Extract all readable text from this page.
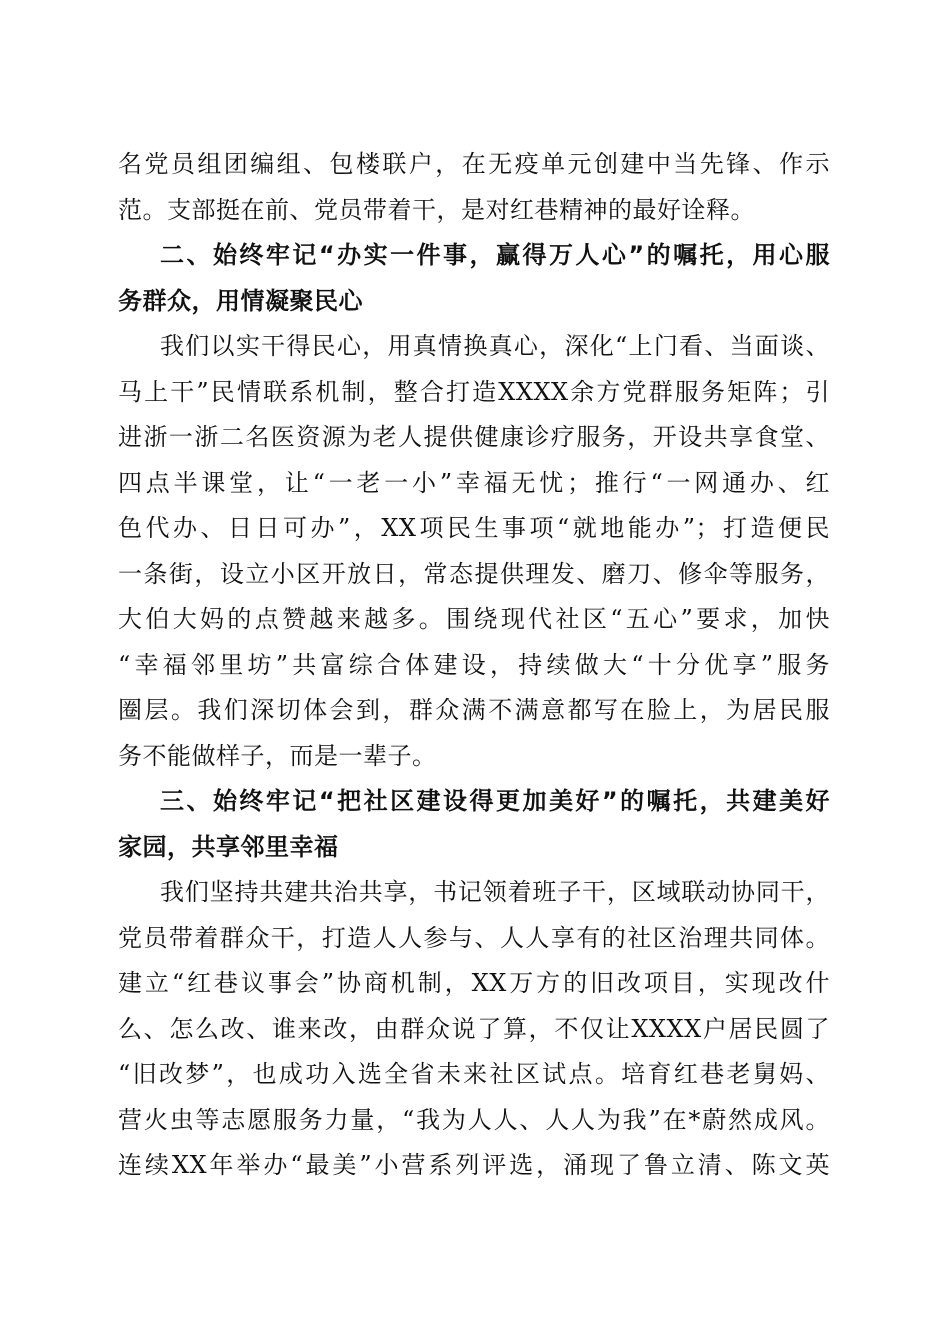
名党员组团编组、包楼联户，在无疫单元创建中当先锋、作示
范。支部挺在前、党员带着干，是对红巷精神的最好诠释。
二、始终牢记“办实一件事，赢得万人心”的嘱托，用心服
务群众，用情凝聚民心
我们以实干得民心，用真情换真心，深化“上门看、当面谈、
马上干”民情联系机制，整合打造XXXX余方党群服务矩阵；引
进浙一浙二名医资源为老人提供健康诊疗服务，开设共享食堂、
四点半课堂，让“一老一小”幸福无忧；推行“一网通办、红
色代办、日日可办”，XX项民生事项“就地能办”；打造便民
一条街，设立小区开放日，常态提供理发、磨刀、修伞等服务，
大伯大妈的点赞越来越多。围绕现代社区“五心”要求，加快
“幸福邻里坊”共富综合体建设，持续做大“十分优享”服务
圈层。我们深切体会到，群众满不满意都写在脸上，为居民服
务不能做样子，而是一辈子。
三、始终牢记“把社区建设得更加美好”的嘱托，共建美好
家园，共享邻里幸福
我们坚持共建共治共享，书记领着班子干，区域联动协同干，
党员带着群众干，打造人人参与、人人享有的社区治理共同体。
建立“红巷议事会”协商机制，XX万方的旧改项目，实现改什
么、怎么改、谁来改，由群众说了算，不仅让XXXX户居民圆了
“旧改梦”，也成功入选全省未来社区试点。培育红巷老舅妈、
营火虫等志愿服务力量，“我为人人、人人为我”在*蔚然成风。
连续XX年举办“最美”小营系列评选，涌现了鲁立清、陈文英
